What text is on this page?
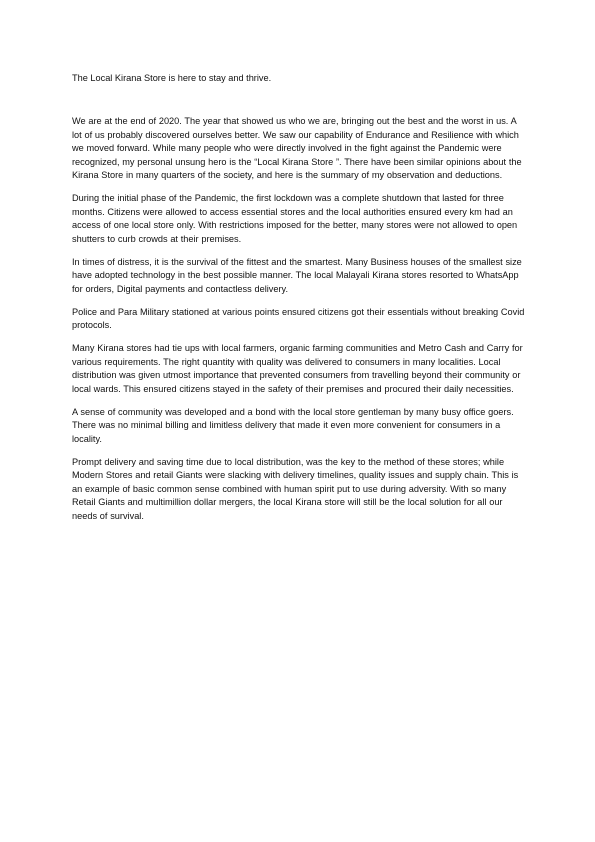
The Local Kirana Store is here to stay and thrive.

We are at the end of 2020. The year that showed us who we are, bringing out the best and the worst in us. A lot of us probably discovered ourselves better. We saw our capability of Endurance and Resilience with which we moved forward. While many people who were directly involved in the fight against the Pandemic were recognized, my personal unsung hero is the “Local Kirana Store ”. There have been similar opinions about the Kirana Store in many quarters of the society, and here is the summary of my observation and deductions.

During the initial phase of the Pandemic, the first lockdown was a complete shutdown that lasted for three months. Citizens were allowed to access essential stores and the local authorities ensured every km had an access of one local store only. With restrictions imposed for the better, many stores were not allowed to open shutters to curb crowds at their premises.

In times of distress, it is the survival of the fittest and the smartest. Many Business houses of the smallest size have adopted technology in the best possible manner. The local Malayali Kirana stores resorted to WhatsApp for orders, Digital payments and contactless delivery.

Police and Para Military stationed at various points ensured citizens got their essentials without breaking Covid protocols.

Many Kirana stores had tie ups with local farmers, organic farming communities and Metro Cash and Carry for various requirements. The right quantity with quality was delivered to consumers in many localities. Local distribution was given utmost importance that prevented consumers from travelling beyond their community or local wards. This ensured citizens stayed in the safety of their premises and procured their daily necessities.

A sense of community was developed and a bond with the local store gentleman by many busy office goers. There was no minimal billing and limitless delivery that made it even more convenient for consumers in a locality.

Prompt delivery and saving time due to local distribution, was the key to the method of these stores; while Modern Stores and retail Giants were slacking with delivery timelines, quality issues and supply chain. This is an example of basic common sense combined with human spirit put to use during adversity. With so many Retail Giants and multimillion dollar mergers, the local Kirana store will still be the local solution for all our needs of survival.
